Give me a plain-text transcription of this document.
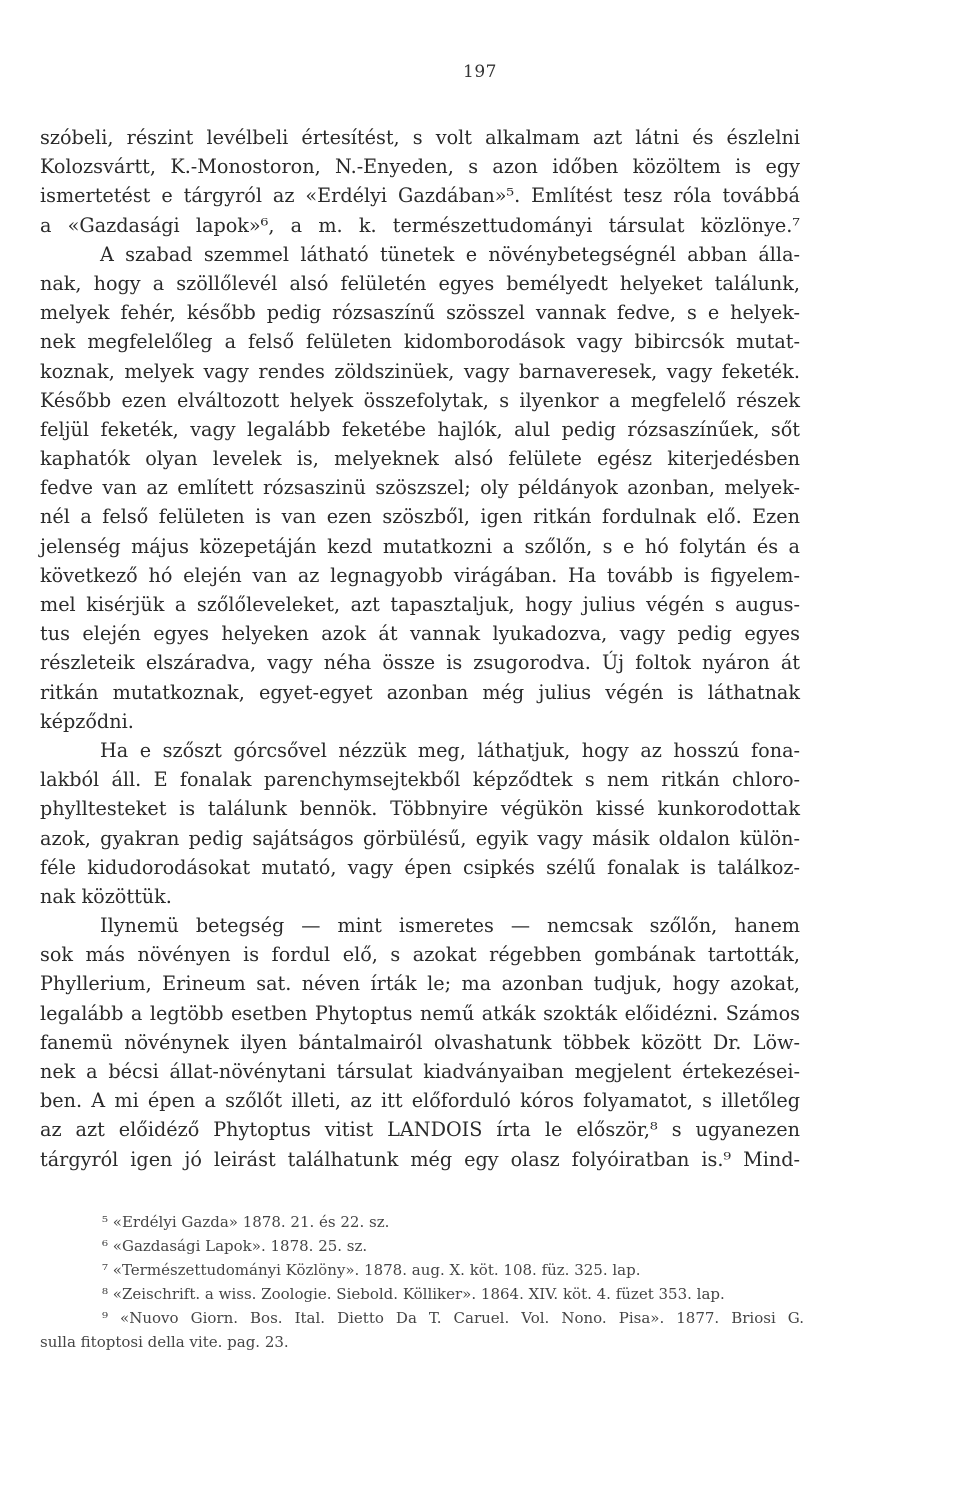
197
szóbeli, részint levélbeli értesítést, s volt alkalmam azt látni és észlelni
Kolozsvártt, K.-Monostoron, N.-Enyeden, s azon időben közöltem is egy
ismertetést e tárgyról az «Erdélyi Gazdában»⁵. Említést tesz róla továbbá
a «Gazdasági lapok»⁶, a m. k. természettudományi társulat közlönye.⁷
A szabad szemmel látható tünetek e növénybetegségnél abban álla-
nak, hogy a szöllőlevél alsó felületén egyes bemélyedt helyeket találunk,
melyek fehér, később pedig rózsaszínű szösszel vannak fedve, s e helyek-
nek megfelelőleg a felső felületen kidomborodások vagy bibircsók mutat-
koznak, melyek vagy rendes zöldszinüek, vagy barnaveresek, vagy feketék.
Később ezen elváltozott helyek összefolytak, s ilyenkor a megfelelő részek
feljül feketék, vagy legalább feketébe hajlók, alul pedig rózsaszínűek, sőt
kaphatók olyan levelek is, melyeknek alsó felülete egész kiterjedésben
fedve van az említett rózsaszinü szöszszel; oly példányok azonban, melyek-
nél a felső felületen is van ezen szöszből, igen ritkán fordulnak elő. Ezen
jelenség május közepetáján kezd mutatkozni a szőlőn, s e hó folytán és a
következő hó elején van az legnagyobb virágában. Ha tovább is figyelem-
mel kisérjük a szőlőleveleket, azt tapasztaljuk, hogy julius végén s augus-
tus elején egyes helyeken azok át vannak lyukadozva, vagy pedig egyes
részleteik elszáradva, vagy néha össze is zsugorodva. Új foltok nyáron át
ritkán mutatkoznak, egyet-egyet azonban még julius végén is láthatnak
képződni.
Ha e szőszt górcsővel nézzük meg, láthatjuk, hogy az hosszú fona-
lakból áll. E fonalak parenchymsejtekből képződtek s nem ritkán chloro-
phylltesteket is találunk bennök. Többnyire végükön kissé kunkorodottak
azok, gyakran pedig sajátságos görbülésű, egyik vagy másik oldalon külön-
féle kidudorodásokat mutató, vagy épen csipkés szélű fonalak is találkoz-
nak közöttük.
Ilynemü betegség — mint ismeretes — nemcsak szőlőn, hanem
sok más növényen is fordul elő, s azokat régebben gombának tartották,
Phyllerium, Erineum sat. néven írták le; ma azonban tudjuk, hogy azokat,
legalább a legtöbb esetben Phytoptus nemű atkák szokták előidézni. Számos
fanemü növénynek ilyen bántalmairól olvashatunk többek között Dr. Löw-
nek a bécsi állat-növénytani társulat kiadványaiban megjelent értekezései-
ben. A mi épen a szőlőt illeti, az itt előforduló kóros folyamatot, s illetőleg
az azt előidéző Phytoptus vitist LANDOIS írta le először,⁸ s ugyanezen
tárgyról igen jó leirást találhatunk még egy olasz folyóiratban is.⁹ Mind-
⁵ «Erdélyi Gazda» 1878. 21. és 22. sz.
⁶ «Gazdasági Lapok». 1878. 25. sz.
⁷ «Természettudományi Közlöny». 1878. aug. X. köt. 108. füz. 325. lap.
⁸ «Zeischrift. a wiss. Zoologie. Siebold. Kölliker». 1864. XIV. köt. 4. füzet 353. lap.
⁹ «Nuovo Giorn. Bos. Ital. Dietto Da T. Caruel. Vol. Nono. Pisa». 1877. Briosi G.
sulla fitoptosi della vite. pag. 23.
